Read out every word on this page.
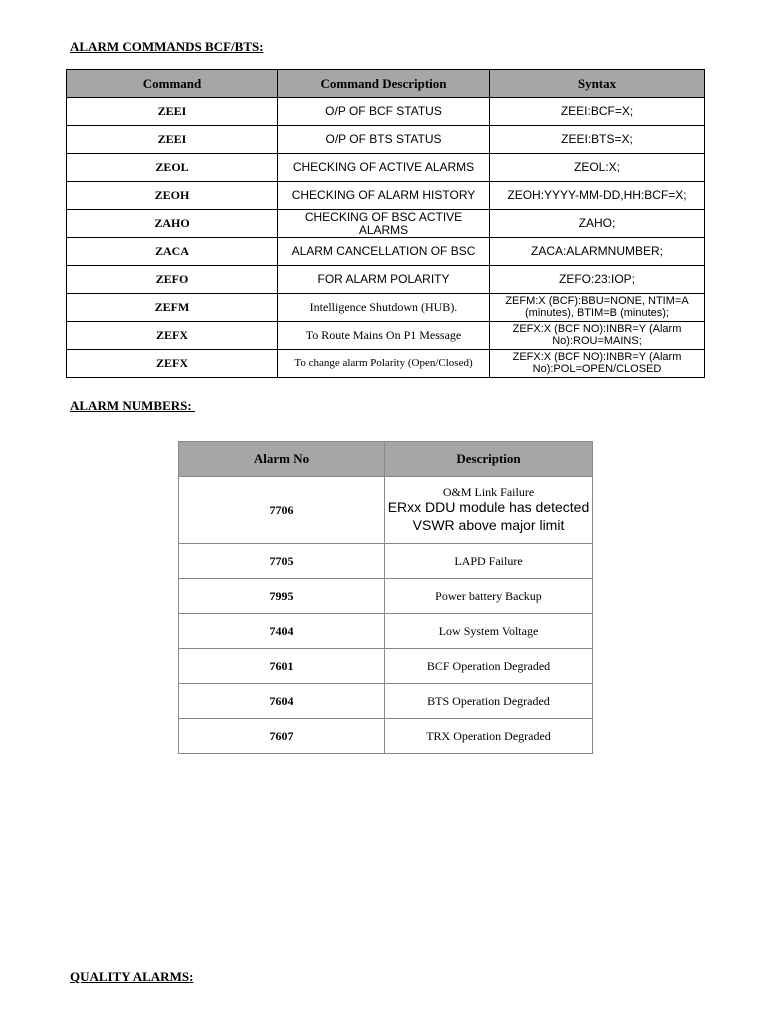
ALARM COMMANDS BCF/BTS:
Command	Command Description	Syntax
ZEEI	O/P OF BCF STATUS	ZEEI:BCF=X;
ZEEI	O/P OF BTS STATUS	ZEEI:BTS=X;
ZEOL	CHECKING OF ACTIVE ALARMS	ZEOL:X;
ZEOH	CHECKING OF ALARM HISTORY	ZEOH:YYYY-MM-DD,HH:BCF=X;
ZAHO	CHECKING OF BSC ACTIVE ALARMS	ZAHO;
ZACA	ALARM CANCELLATION OF BSC	ZACA:ALARMNUMBER;
ZEFO	FOR ALARM POLARITY	ZEFO:23:IOP;
ZEFM	Intelligence Shutdown (HUB).	ZEFM:X (BCF):BBU=NONE, NTIM=A (minutes), BTIM=B (minutes);
ZEFX	To Route Mains On P1 Message	ZEFX:X (BCF NO):INBR=Y (Alarm No):ROU=MAINS;
ZEFX	To change alarm Polarity (Open/Closed)	ZEFX:X (BCF NO):INBR=Y (Alarm No):POL=OPEN/CLOSED
ALARM NUMBERS:
Alarm No	Description
7706	O&M Link Failure
ERxx DDU module has detected VSWR above major limit

7705	LAPD Failure
7995	Power battery Backup
7404	Low System Voltage
7601	BCF Operation Degraded
7604	BTS Operation Degraded
7607	TRX Operation Degraded
QUALITY ALARMS:
